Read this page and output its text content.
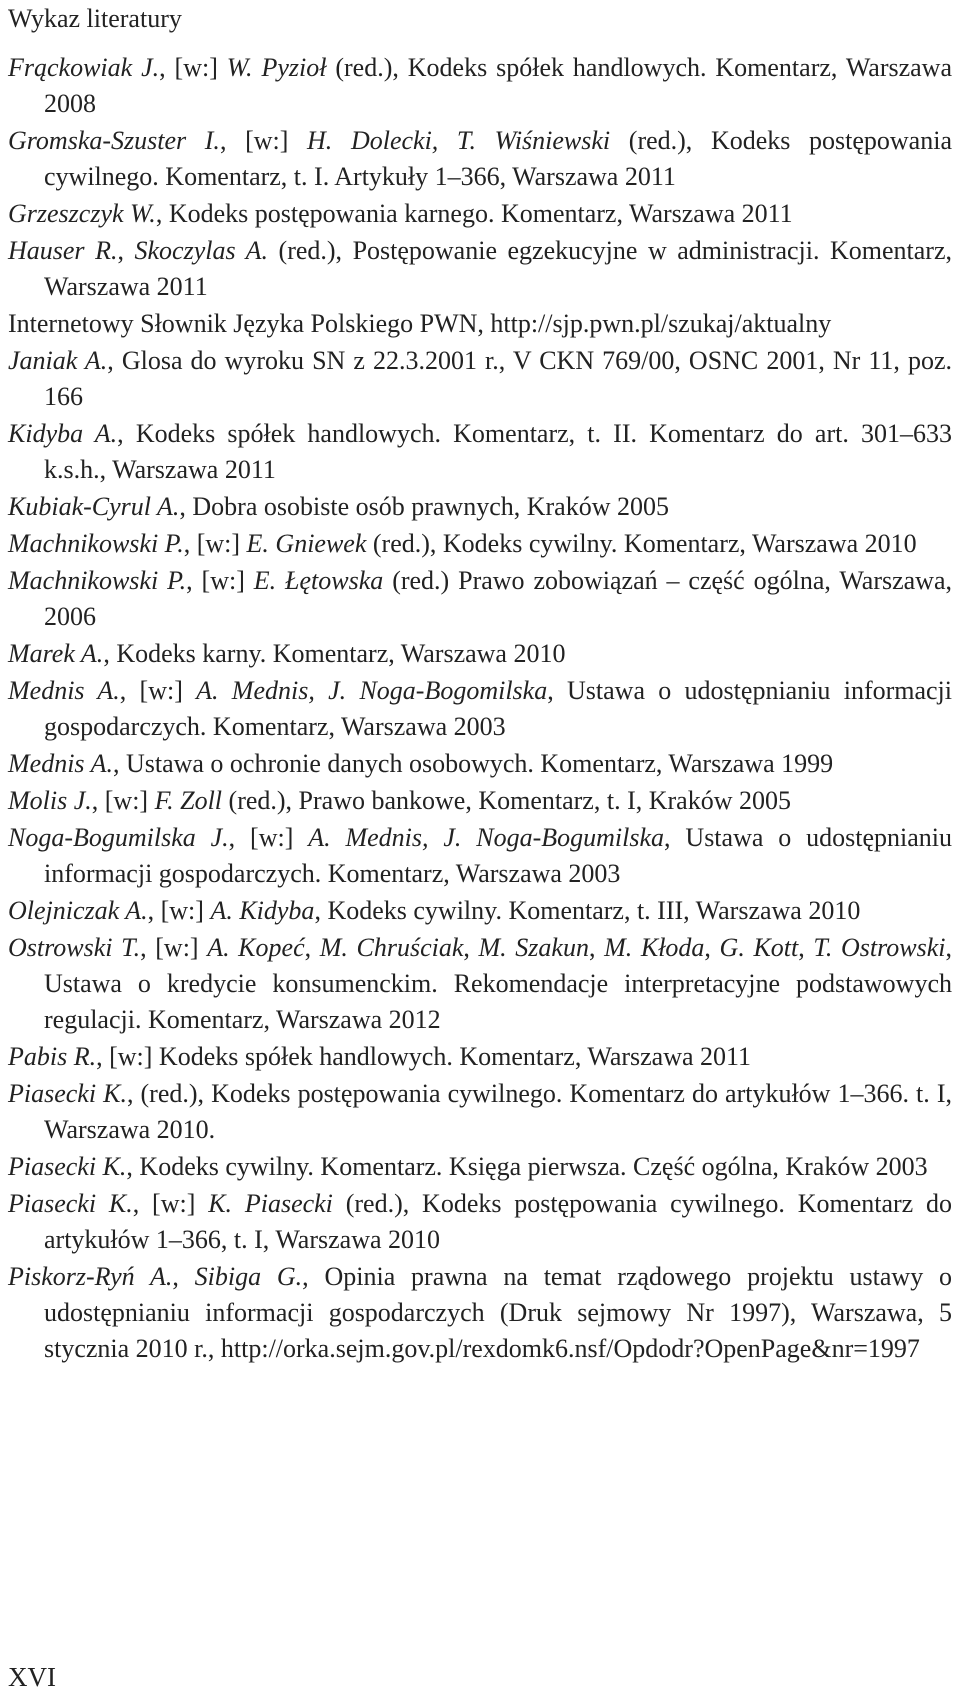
Wykaz literatury
Frąckowiak J., [w:] W. Pyzioł (red.), Kodeks spółek handlowych. Komentarz, Warszawa 2008
Gromska-Szuster I., [w:] H. Dolecki, T. Wiśniewski (red.), Kodeks postępowania cywilnego. Komentarz, t. I. Artykuły 1–366, Warszawa 2011
Grzeszczyk W., Kodeks postępowania karnego. Komentarz, Warszawa 2011
Hauser R., Skoczylas A. (red.), Postępowanie egzekucyjne w administracji. Komentarz, Warszawa 2011
Internetowy Słownik Języka Polskiego PWN, http://sjp.pwn.pl/szukaj/aktualny
Janiak A., Glosa do wyroku SN z 22.3.2001 r., V CKN 769/00, OSNC 2001, Nr 11, poz. 166
Kidyba A., Kodeks spółek handlowych. Komentarz, t. II. Komentarz do art. 301–633 k.s.h., Warszawa 2011
Kubiak-Cyrul A., Dobra osobiste osób prawnych, Kraków 2005
Machnikowski P., [w:] E. Gniewek (red.), Kodeks cywilny. Komentarz, Warszawa 2010
Machnikowski P., [w:] E. Łętowska (red.) Prawo zobowiązań – część ogólna, Warszawa, 2006
Marek A., Kodeks karny. Komentarz, Warszawa 2010
Mednis A., [w:] A. Mednis, J. Noga-Bogomilska, Ustawa o udostępnianiu informacji gospodarczych. Komentarz, Warszawa 2003
Mednis A., Ustawa o ochronie danych osobowych. Komentarz, Warszawa 1999
Molis J., [w:] F. Zoll (red.), Prawo bankowe, Komentarz, t. I, Kraków 2005
Noga-Bogumilska J., [w:] A. Mednis, J. Noga-Bogumilska, Ustawa o udostępnianiu informacji gospodarczych. Komentarz, Warszawa 2003
Olejniczak A., [w:] A. Kidyba, Kodeks cywilny. Komentarz, t. III, Warszawa 2010
Ostrowski T., [w:] A. Kopeć, M. Chruściak, M. Szakun, M. Kłoda, G. Kott, T. Ostrowski, Ustawa o kredycie konsumenckim. Rekomendacje interpretacyjne podstawowych regulacji. Komentarz, Warszawa 2012
Pabis R., [w:] Kodeks spółek handlowych. Komentarz, Warszawa 2011
Piasecki K., (red.), Kodeks postępowania cywilnego. Komentarz do artykułów 1–366. t. I, Warszawa 2010.
Piasecki K., Kodeks cywilny. Komentarz. Księga pierwsza. Część ogólna, Kraków 2003
Piasecki K., [w:] K. Piasecki (red.), Kodeks postępowania cywilnego. Komentarz do artykułów 1–366, t. I, Warszawa 2010
Piskorz-Ryń A., Sibiga G., Opinia prawna na temat rządowego projektu ustawy o udostępnianiu informacji gospodarczych (Druk sejmowy Nr 1997), Warszawa, 5 stycznia 2010 r., http://orka.sejm.gov.pl/rexdomk6.nsf/Opdodr?OpenPage&nr=1997
XVI
